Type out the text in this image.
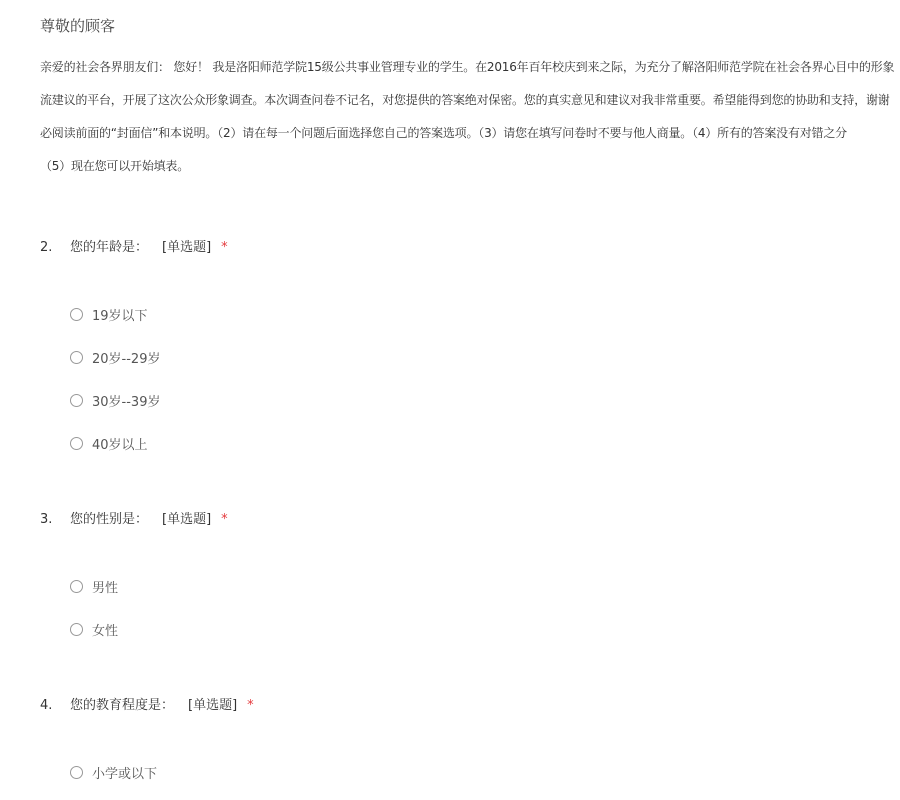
尊敬的顾客
亲爱的社会各界朋友们： 您好！ 我是洛阳师范学院15级公共事业管理专业的学生。在2016年百年校庆到来之际，为充分了解洛阳师范学院在社会各界心目中的形象
流建议的平台，开展了这次公众形象调查。本次调查问卷不记名，对您提供的答案绝对保密。您的真实意见和建议对我非常重要。希望能得到您的协助和支持，谢谢
必阅读前面的“封面信”和本说明。（2）请在每一个问题后面选择您自己的答案选项。（3）请您在填写问卷时不要与他人商量。（4）所有的答案没有对错之分
（5）现在您可以开始填表。
2. 您的年龄是： [单选题] *
19岁以下
20岁--29岁
30岁--39岁
40岁以上
3. 您的性别是： [单选题] *
男性
女性
4. 您的教育程度是： [单选题] *
小学或以下
